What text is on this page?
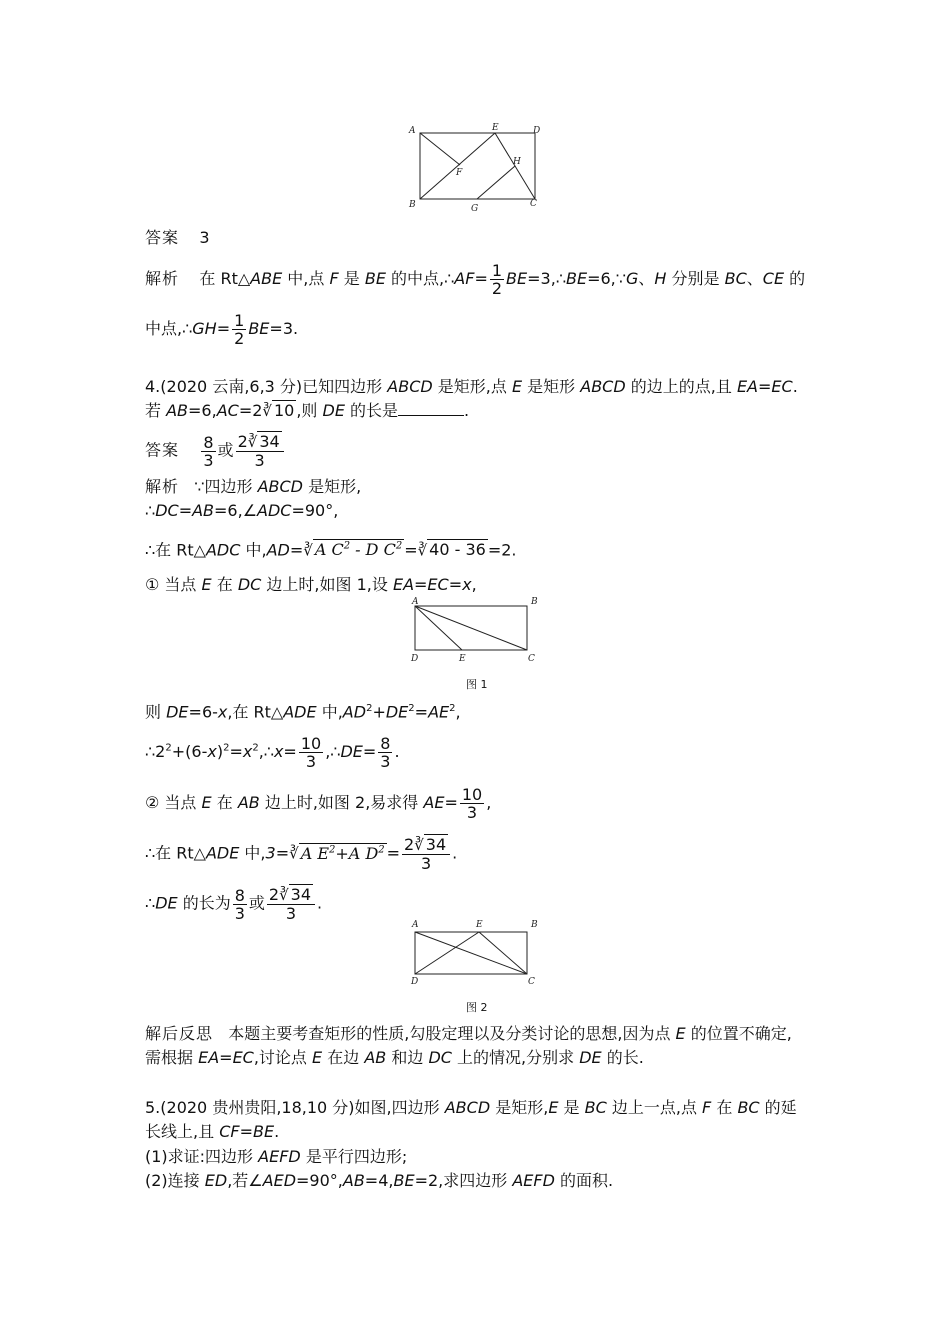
A	E	D
F
H
B	G	C
答案 3
解析 在 Rt△ABE 中,点 F 是 BE 的中点,∴AF= $\frac{1}{2}$ BE=3,∴BE=6,∵G、H 分别是 BC、CE 的
中点,∴GH= $\frac{1}{2} BE=3$.
4.(2020 云南,6,3 分)已知四边形 ABCD 是矩形,点 E 是矩形 ABCD 的边上的点,且 EA=EC.
若 AB=6,AC=2∛ 10 ,则 DE 的长是	.
答案 $\frac{8}{3}$ 或 $\frac{2∛ 34}{3}$
解析 ∵四边形 ABCD 是矩形,
∴DC=AB=6,∠ADC=90°,
∴在 Rt△ADC 中,AD=∛ A $C^2$ - D $C^2$ =∛ 40 - 36 =2.
① 当点 E 在 DC 边上时,如图 1,设 EA=EC=x,
A	B
D	E	C
图 1
则 DE=6-x,在 Rt△ADE 中$,AD^2+DE^2=AE^2$,
$\therefore 2^2+(6-x)^2=x^2,\therefore x= \frac{10}{3}$ ,∴DE= $\frac{8}{3}$ .
② 当点 E 在 AB 边上时,如图 2,易求得 $AE= \frac{10}{3}$ ,
∴在 Rt△ADE 中,3=∛ A $E^2+A$ $D^2 = \frac{2∛ 34}{3}$ .
∴DE 的长为 $\frac{8}{3}$ 或 $\frac{2∛ 34}{3}$ .
A	E	B
D	C
图 2
解后反思 本题主要考查矩形的性质,勾股定理以及分类讨论的思想,因为点 E 的位置不确定,
需根据 EA=EC,讨论点 E 在边 AB 和边 DC 上的情况,分别求 DE 的长.
5.(2020 贵州贵阳,18,10 分)如图,四边形 ABCD 是矩形,E 是 BC 边上一点,点 F 在 BC 的延
长线上,且 CF=BE.
(1)求证:四边形 AEFD 是平行四边形;
(2)连接 ED,若∠AED=90°,AB=4,BE=2,求四边形 AEFD 的面积.
